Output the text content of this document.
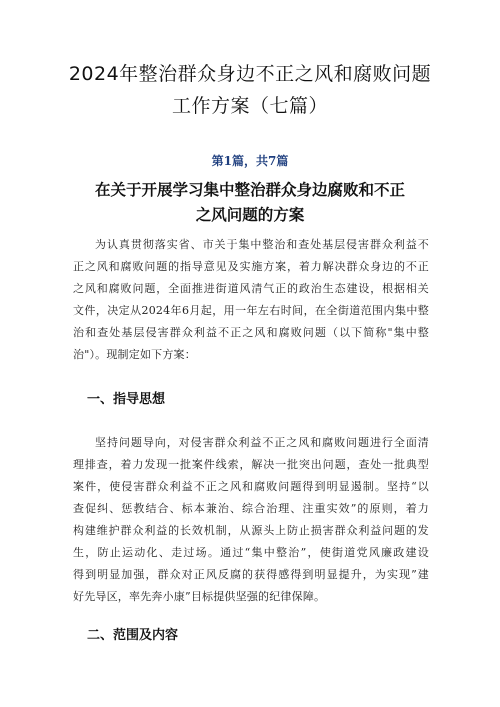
2024年整治群众身边不正之风和腐败问题
工作方案（七篇）
第1篇，共7篇
在关于开展学习集中整治群众身边腐败和不正
之风问题的方案
为认真贯彻落实省、市关于集中整治和查处基层侵害群众利益不
正之风和腐败问题的指导意见及实施方案，着力解决群众身边的不正
之风和腐败问题，全面推进街道风清气正的政治生态建设，根据相关
文件，决定从2024年6月起，用一年左右时间，在全街道范围内集中整
治和查处基层侵害群众利益不正之风和腐败问题（以下简称"集中整
治"）。现制定如下方案：
一、指导思想
坚持问题导向，对侵害群众利益不正之风和腐败问题进行全面清
理排查，着力发现一批案件线索，解决一批突出问题，查处一批典型
案件，使侵害群众利益不正之风和腐败问题得到明显遏制。坚持“以
查促纠、惩教结合、标本兼治、综合治理、注重实效”的原则，着力
构建维护群众利益的长效机制，从源头上防止损害群众利益问题的发
生，防止运动化、走过场。通过“集中整治”，使街道党风廉政建设
得到明显加强，群众对正风反腐的获得感得到明显提升，为实现”建
好先导区，率先奔小康”目标提供坚强的纪律保障。
二、范围及内容
